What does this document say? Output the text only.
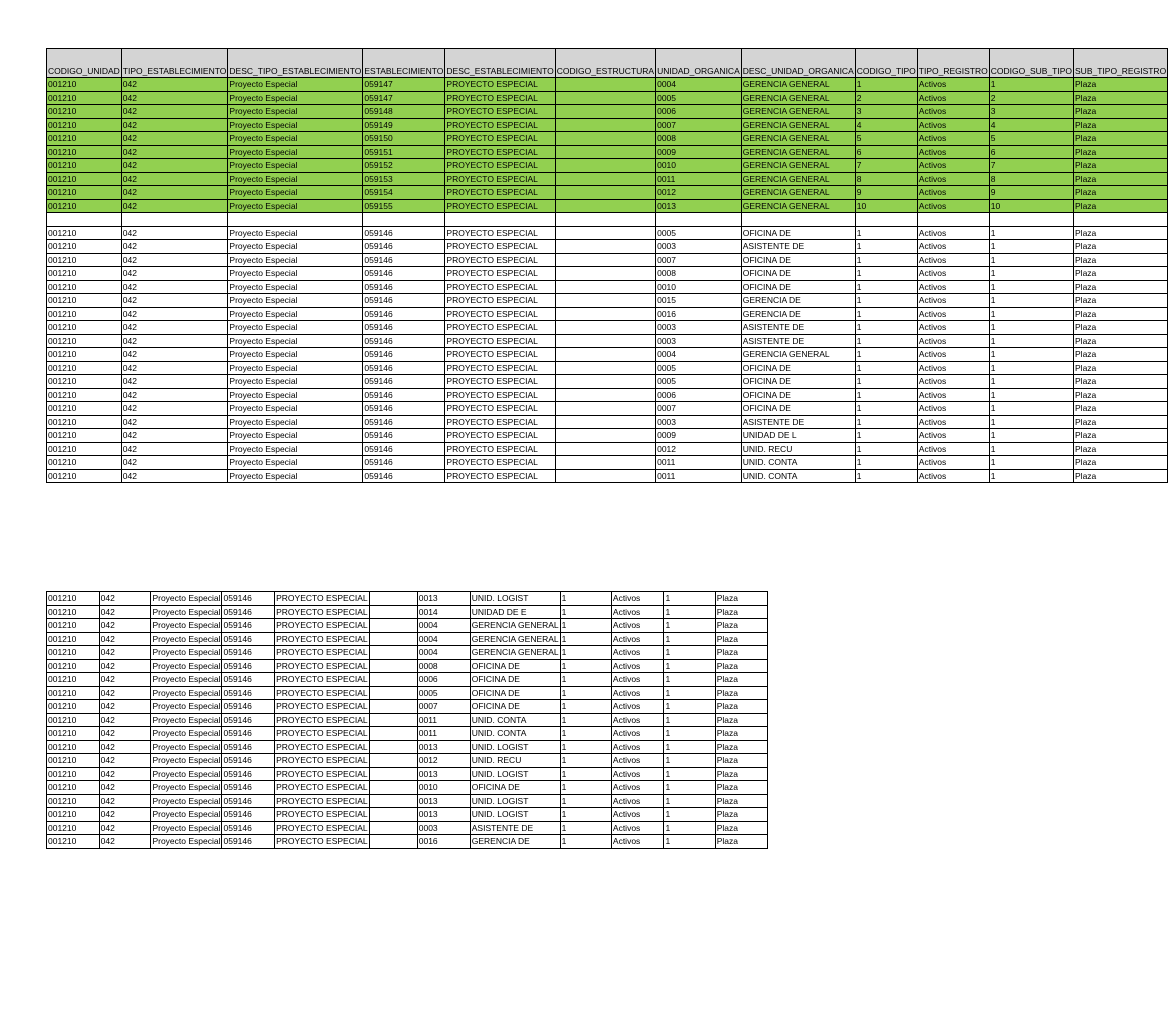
CODIGO_UNIDAD	TIPO_ESTABLECIMIENTO	DESC_TIPO_ESTABLECIMIENTO	ESTABLECIMIENTO	DESC_ESTABLECIMIENTO	CODIGO_ESTRUCTURA	UNIDAD_ORGANICA	DESC_UNIDAD_ORGANICA	CODIGO_TIPO	TIPO_REGISTRO	CODIGO_SUB_TIPO	SUB_TIPO_REGISTRO
001210	042	Proyecto Especial	059147	PROYECTO ESPECIAL		0004	GERENCIA GENERAL	1	Activos	1	Plaza
001210	042	Proyecto Especial	059147	PROYECTO ESPECIAL		0005	GERENCIA GENERAL	2	Activos	2	Plaza
001210	042	Proyecto Especial	059148	PROYECTO ESPECIAL		0006	GERENCIA GENERAL	3	Activos	3	Plaza
001210	042	Proyecto Especial	059149	PROYECTO ESPECIAL		0007	GERENCIA GENERAL	4	Activos	4	Plaza
001210	042	Proyecto Especial	059150	PROYECTO ESPECIAL		0008	GERENCIA GENERAL	5	Activos	5	Plaza
001210	042	Proyecto Especial	059151	PROYECTO ESPECIAL		0009	GERENCIA GENERAL	6	Activos	6	Plaza
001210	042	Proyecto Especial	059152	PROYECTO ESPECIAL		0010	GERENCIA GENERAL	7	Activos	7	Plaza
001210	042	Proyecto Especial	059153	PROYECTO ESPECIAL		0011	GERENCIA GENERAL	8	Activos	8	Plaza
001210	042	Proyecto Especial	059154	PROYECTO ESPECIAL		0012	GERENCIA GENERAL	9	Activos	9	Plaza
001210	042	Proyecto Especial	059155	PROYECTO ESPECIAL		0013	GERENCIA GENERAL	10	Activos	10	Plaza

001210	042	Proyecto Especial	059146	PROYECTO ESPECIAL		0005	OFICINA DE	1	Activos	1	Plaza
001210	042	Proyecto Especial	059146	PROYECTO ESPECIAL		0003	ASISTENTE DE	1	Activos	1	Plaza
001210	042	Proyecto Especial	059146	PROYECTO ESPECIAL		0007	OFICINA DE	1	Activos	1	Plaza
001210	042	Proyecto Especial	059146	PROYECTO ESPECIAL		0008	OFICINA DE	1	Activos	1	Plaza
001210	042	Proyecto Especial	059146	PROYECTO ESPECIAL		0010	OFICINA DE	1	Activos	1	Plaza
001210	042	Proyecto Especial	059146	PROYECTO ESPECIAL		0015	GERENCIA DE	1	Activos	1	Plaza
001210	042	Proyecto Especial	059146	PROYECTO ESPECIAL		0016	GERENCIA DE	1	Activos	1	Plaza
001210	042	Proyecto Especial	059146	PROYECTO ESPECIAL		0003	ASISTENTE DE	1	Activos	1	Plaza
001210	042	Proyecto Especial	059146	PROYECTO ESPECIAL		0003	ASISTENTE DE	1	Activos	1	Plaza
001210	042	Proyecto Especial	059146	PROYECTO ESPECIAL		0004	GERENCIA GENERAL	1	Activos	1	Plaza
001210	042	Proyecto Especial	059146	PROYECTO ESPECIAL		0005	OFICINA DE	1	Activos	1	Plaza
001210	042	Proyecto Especial	059146	PROYECTO ESPECIAL		0005	OFICINA DE	1	Activos	1	Plaza
001210	042	Proyecto Especial	059146	PROYECTO ESPECIAL		0006	OFICINA DE	1	Activos	1	Plaza
001210	042	Proyecto Especial	059146	PROYECTO ESPECIAL		0007	OFICINA DE	1	Activos	1	Plaza
001210	042	Proyecto Especial	059146	PROYECTO ESPECIAL		0003	ASISTENTE DE	1	Activos	1	Plaza
001210	042	Proyecto Especial	059146	PROYECTO ESPECIAL		0009	UNIDAD DE L	1	Activos	1	Plaza
001210	042	Proyecto Especial	059146	PROYECTO ESPECIAL		0012	UNID. RECU	1	Activos	1	Plaza
001210	042	Proyecto Especial	059146	PROYECTO ESPECIAL		0011	UNID. CONTA	1	Activos	1	Plaza
001210	042	Proyecto Especial	059146	PROYECTO ESPECIAL		0011	UNID. CONTA	1	Activos	1	Plaza
001210	042	Proyecto Especial	059146	PROYECTO ESPECIAL		0013	UNID. LOGIST	1	Activos	1	Plaza
001210	042	Proyecto Especial	059146	PROYECTO ESPECIAL		0014	UNIDAD DE E	1	Activos	1	Plaza
001210	042	Proyecto Especial	059146	PROYECTO ESPECIAL		0004	GERENCIA GENERAL	1	Activos	1	Plaza
001210	042	Proyecto Especial	059146	PROYECTO ESPECIAL		0004	GERENCIA GENERAL	1	Activos	1	Plaza
001210	042	Proyecto Especial	059146	PROYECTO ESPECIAL		0004	GERENCIA GENERAL	1	Activos	1	Plaza
001210	042	Proyecto Especial	059146	PROYECTO ESPECIAL		0008	OFICINA DE	1	Activos	1	Plaza
001210	042	Proyecto Especial	059146	PROYECTO ESPECIAL		0006	OFICINA DE	1	Activos	1	Plaza
001210	042	Proyecto Especial	059146	PROYECTO ESPECIAL		0005	OFICINA DE	1	Activos	1	Plaza
001210	042	Proyecto Especial	059146	PROYECTO ESPECIAL		0007	OFICINA DE	1	Activos	1	Plaza
001210	042	Proyecto Especial	059146	PROYECTO ESPECIAL		0011	UNID. CONTA	1	Activos	1	Plaza
001210	042	Proyecto Especial	059146	PROYECTO ESPECIAL		0011	UNID. CONTA	1	Activos	1	Plaza
001210	042	Proyecto Especial	059146	PROYECTO ESPECIAL		0013	UNID. LOGIST	1	Activos	1	Plaza
001210	042	Proyecto Especial	059146	PROYECTO ESPECIAL		0012	UNID. RECU	1	Activos	1	Plaza
001210	042	Proyecto Especial	059146	PROYECTO ESPECIAL		0013	UNID. LOGIST	1	Activos	1	Plaza
001210	042	Proyecto Especial	059146	PROYECTO ESPECIAL		0010	OFICINA DE	1	Activos	1	Plaza
001210	042	Proyecto Especial	059146	PROYECTO ESPECIAL		0013	UNID. LOGIST	1	Activos	1	Plaza
001210	042	Proyecto Especial	059146	PROYECTO ESPECIAL		0013	UNID. LOGIST	1	Activos	1	Plaza
001210	042	Proyecto Especial	059146	PROYECTO ESPECIAL		0003	ASISTENTE DE	1	Activos	1	Plaza
001210	042	Proyecto Especial	059146	PROYECTO ESPECIAL		0016	GERENCIA DE	1	Activos	1	Plaza
